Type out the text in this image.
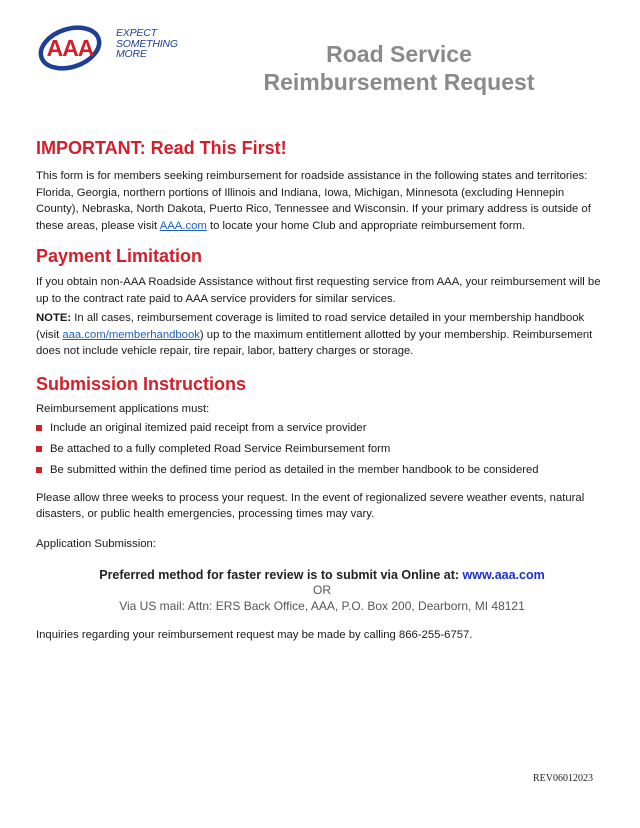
AAA
EXPECT
SOMETHING
MORE	Road Service
Reimbursement Request
IMPORTANT: Read This First!

This form is for members seeking reimbursement for roadside assistance in the following states and territories: Florida, Georgia, northern portions of Illinois and Indiana, Iowa, Michigan, Minnesota (excluding Hennepin County), Nebraska, North Dakota, Puerto Rico, Tennessee and Wisconsin. If your primary address is outside of these areas, please visit AAA.com to locate your home Club and appropriate reimbursement form.

Payment Limitation

If you obtain non-AAA Roadside Assistance without first requesting service from AAA, your reimbursement will be up to the contract rate paid to AAA service providers for similar services.

NOTE: In all cases, reimbursement coverage is limited to road service detailed in your membership handbook (visit aaa.com/memberhandbook) up to the maximum entitlement allotted by your membership. Reimbursement does not include vehicle repair, tire repair, labor, battery charges or storage.

Submission Instructions

Reimbursement applications must:

Include an original itemized paid receipt from a service provider
Be attached to a fully completed Road Service Reimbursement form
Be submitted within the defined time period as detailed in the member handbook to be considered

Please allow three weeks to process your request. In the event of regionalized severe weather events, natural disasters, or public health emergencies, processing times may vary.

Application Submission:

Preferred method for faster review is to submit via Online at: www.aaa.com
OR
Via US mail: Attn: ERS Back Office, AAA, P.O. Box 200, Dearborn, MI 48121

Inquiries regarding your reimbursement request may be made by calling 866-255-6757.

REV06012023
